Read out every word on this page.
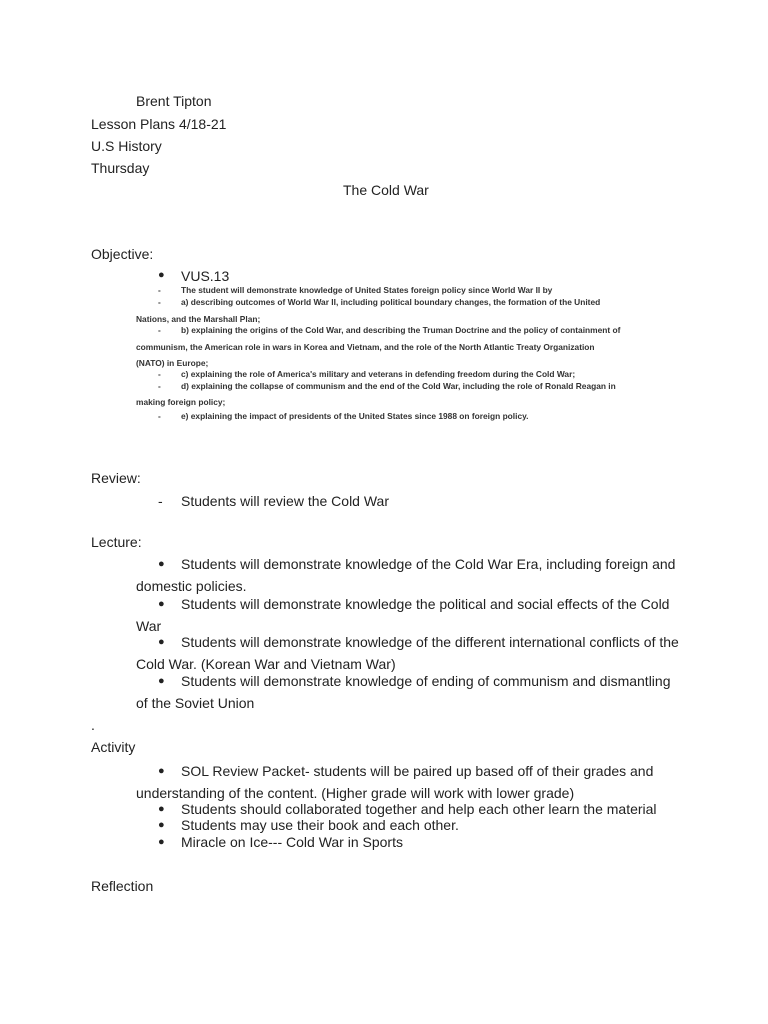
Brent Tipton
Lesson Plans 4/18-21
U.S History
Thursday
The Cold War
Objective:
● VUS.13
- The student will demonstrate knowledge of United States foreign policy since World War II by
- a) describing outcomes of World War II, including political boundary changes, the formation of the United
Nations, and the Marshall Plan;
- b) explaining the origins of the Cold War, and describing the Truman Doctrine and the policy of containment of
communism, the American role in wars in Korea and Vietnam, and the role of the North Atlantic Treaty Organization
(NATO) in Europe;
- c) explaining the role of America's military and veterans in defending freedom during the Cold War;
- d) explaining the collapse of communism and the end of the Cold War, including the role of Ronald Reagan in
making foreign policy;
- e) explaining the impact of presidents of the United States since 1988 on foreign policy.
Review:
- Students will review the Cold War
Lecture:
● Students will demonstrate knowledge of the Cold War Era, including foreign and
domestic policies.
● Students will demonstrate knowledge the political and social effects of the Cold
War
● Students will demonstrate knowledge of the different international conflicts of the
Cold War. (Korean War and Vietnam War)
● Students will demonstrate knowledge of ending of communism and dismantling
of the Soviet Union
.
Activity
● SOL Review Packet- students will be paired up based off of their grades and
understanding of the content. (Higher grade will work with lower grade)
● Students should collaborated together and help each other learn the material
● Students may use their book and each other.
● Miracle on Ice--- Cold War in Sports
Reflection
